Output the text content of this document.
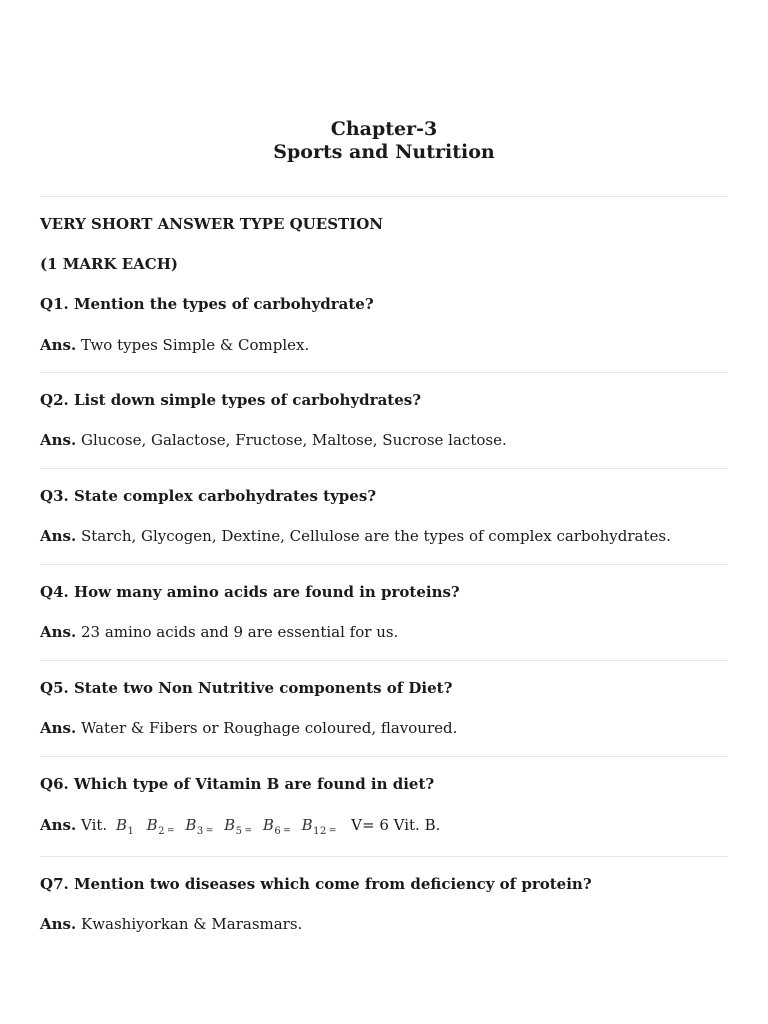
Chapter-3
Sports and Nutrition
VERY SHORT ANSWER TYPE QUESTION
(1 MARK EACH)
Q1. Mention the types of carbohydrate?
Ans. Two types Simple & Complex.
Q2. List down simple types of carbohydrates?
Ans. Glucose, Galactose, Fructose, Maltose, Sucrose lactose.
Q3. State complex carbohydrates types?
Ans. Starch, Glycogen, Dextine, Cellulose are the types of complex carbohydrates.
Q4. How many amino acids are found in proteins?
Ans. 23 amino acids and 9 are essential for us.
Q5. State two Non Nutritive components of Diet?
Ans. Water & Fibers or Roughage coloured, flavoured.
Q6. Which type of Vitamin B are found in diet?
Ans. Vit. $B_1$ $B_2$ $_=$ $B_3$ $_=$ $B_5$ $_=$ $B_6$ $_=$ $B_{12}$ $_=$ V= 6 Vit. B.
Q7. Mention two diseases which come from deficiency of protein?
Ans. Kwashiyorkan & Marasmars.
